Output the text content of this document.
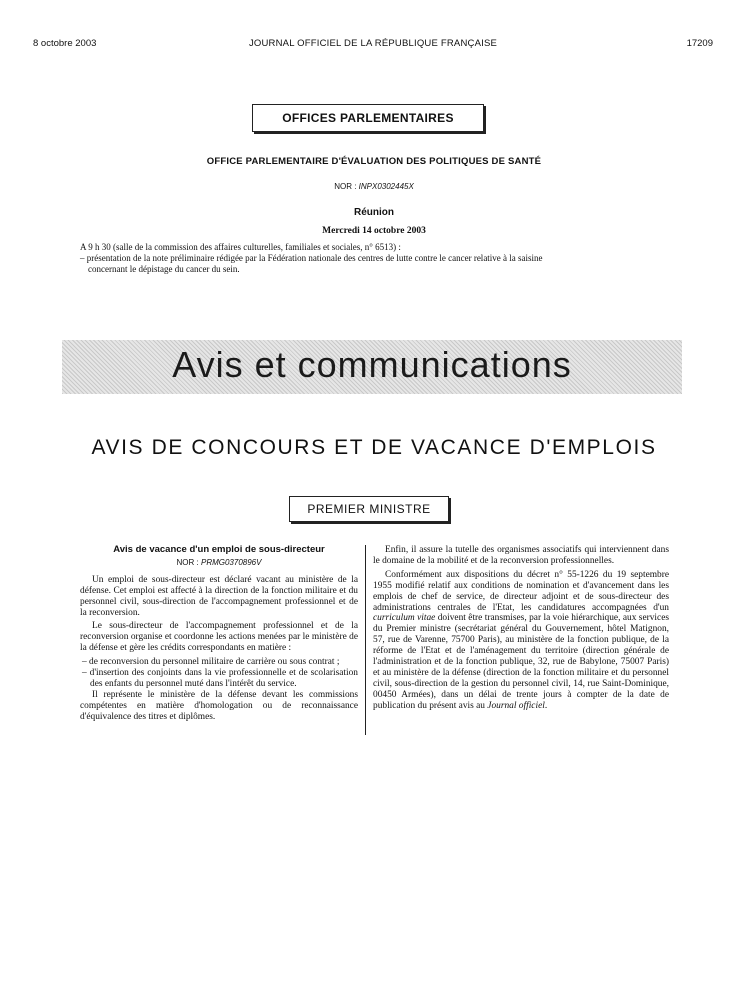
8 octobre 2003	JOURNAL OFFICIEL DE LA RÉPUBLIQUE FRANÇAISE	17209
OFFICES PARLEMENTAIRES
OFFICE PARLEMENTAIRE D'ÉVALUATION DES POLITIQUES DE SANTÉ
NOR : INPX0302445X
Réunion
Mercredi 14 octobre 2003
A 9 h 30 (salle de la commission des affaires culturelles, familiales et sociales, n° 6513) :
– présentation de la note préliminaire rédigée par la Fédération nationale des centres de lutte contre le cancer relative à la saisine
concernant le dépistage du cancer du sein.
Avis et communications
AVIS DE CONCOURS ET DE VACANCE D'EMPLOIS
PREMIER MINISTRE
Avis de vacance d'un emploi de sous-directeur
NOR : PRMG0370896V

Un emploi de sous-directeur est déclaré vacant au ministère de la défense. Cet emploi est affecté à la direction de la fonction militaire et du personnel civil, sous-direction de l'accompagnement professionnel et de la reconversion.

Le sous-directeur de l'accompagnement professionnel et de la reconversion organise et coordonne les actions menées par le ministère de la défense et gère les crédits correspondants en matière :

– de reconversion du personnel militaire de carrière ou sous contrat ;

– d'insertion des conjoints dans la vie professionnelle et de scolarisation des enfants du personnel muté dans l'intérêt du service.

Il représente le ministère de la défense devant les commissions compétentes en matière d'homologation ou de reconnaissance d'équivalence des titres et diplômes.

Enfin, il assure la tutelle des organismes associatifs qui interviennent dans le domaine de la mobilité et de la reconversion professionnelles.

Conformément aux dispositions du décret n° 55-1226 du 19 septembre 1955 modifié relatif aux conditions de nomination et d'avancement dans les emplois de chef de service, de directeur adjoint et de sous-directeur des administrations centrales de l'Etat, les candidatures accompagnées d'un curriculum vitae doivent être transmises, par la voie hiérarchique, aux services du Premier ministre (secrétariat général du Gouvernement, hôtel Matignon, 57, rue de Varenne, 75700 Paris), au ministère de la fonction publique, de la réforme de l'Etat et de l'aménagement du territoire (direction générale de l'administration et de la fonction publique, 32, rue de Babylone, 75007 Paris) et au ministère de la défense (direction de la fonction militaire et du personnel civil, sous-direction de la gestion du personnel civil, 14, rue Saint-Dominique, 00450 Armées), dans un délai de trente jours à compter de la date de publication du présent avis au Journal officiel.
